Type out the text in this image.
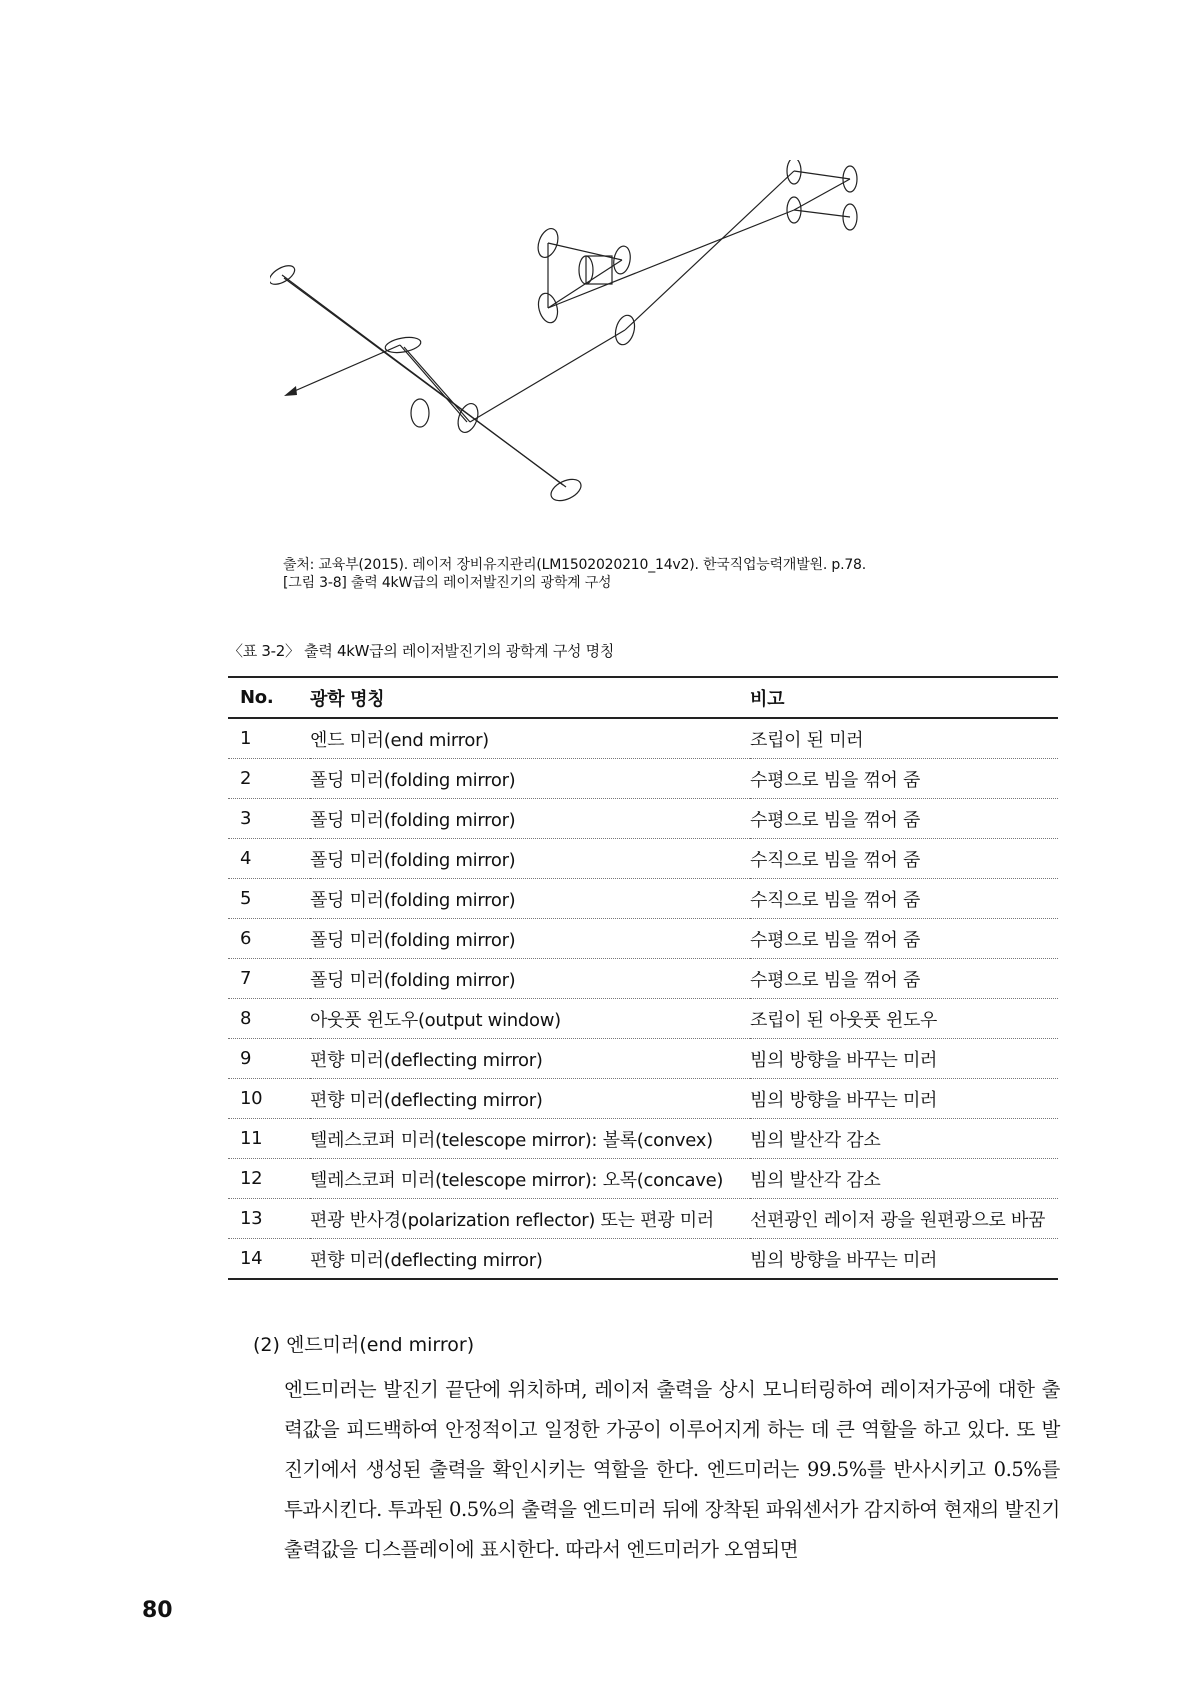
출처: 교육부(2015). 레이저 장비유지관리(LM1502020210_14v2). 한국직업능력개발원. p.78.
[그림 3-8] 출력 4kW급의 레이저발진기의 광학계 구성
〈표 3-2〉 출력 4kW급의 레이저발진기의 광학계 구성 명칭
No.	광학 명칭	비고
1	엔드 미러(end mirror)	조립이 된 미러
2	폴딩 미러(folding mirror)	수평으로 빔을 꺾어 줌
3	폴딩 미러(folding mirror)	수평으로 빔을 꺾어 줌
4	폴딩 미러(folding mirror)	수직으로 빔을 꺾어 줌
5	폴딩 미러(folding mirror)	수직으로 빔을 꺾어 줌
6	폴딩 미러(folding mirror)	수평으로 빔을 꺾어 줌
7	폴딩 미러(folding mirror)	수평으로 빔을 꺾어 줌
8	아웃풋 윈도우(output window)	조립이 된 아웃풋 윈도우
9	편향 미러(deflecting mirror)	빔의 방향을 바꾸는 미러
10	편향 미러(deflecting mirror)	빔의 방향을 바꾸는 미러
11	텔레스코퍼 미러(telescope mirror): 볼록(convex)	빔의 발산각 감소
12	텔레스코퍼 미러(telescope mirror): 오목(concave)	빔의 발산각 감소
13	편광 반사경(polarization reflector) 또는 편광 미러	선편광인 레이저 광을 원편광으로 바꿈
14	편향 미러(deflecting mirror)	빔의 방향을 바꾸는 미러
(2) 엔드미러(end mirror)

엔드미러는 발진기 끝단에 위치하며, 레이저 출력을 상시 모니터링하여 레이저가공에 대한 출력값을 피드백하여 안정적이고 일정한 가공이 이루어지게 하는 데 큰 역할을 하고 있다. 또 발진기에서 생성된 출력을 확인시키는 역할을 한다. 엔드미러는 99.5%를 반사시키고 0.5%를 투과시킨다. 투과된 0.5%의 출력을 엔드미러 뒤에 장착된 파워센서가 감지하여 현재의 발진기 출력값을 디스플레이에 표시한다. 따라서 엔드미러가 오염되면

80
